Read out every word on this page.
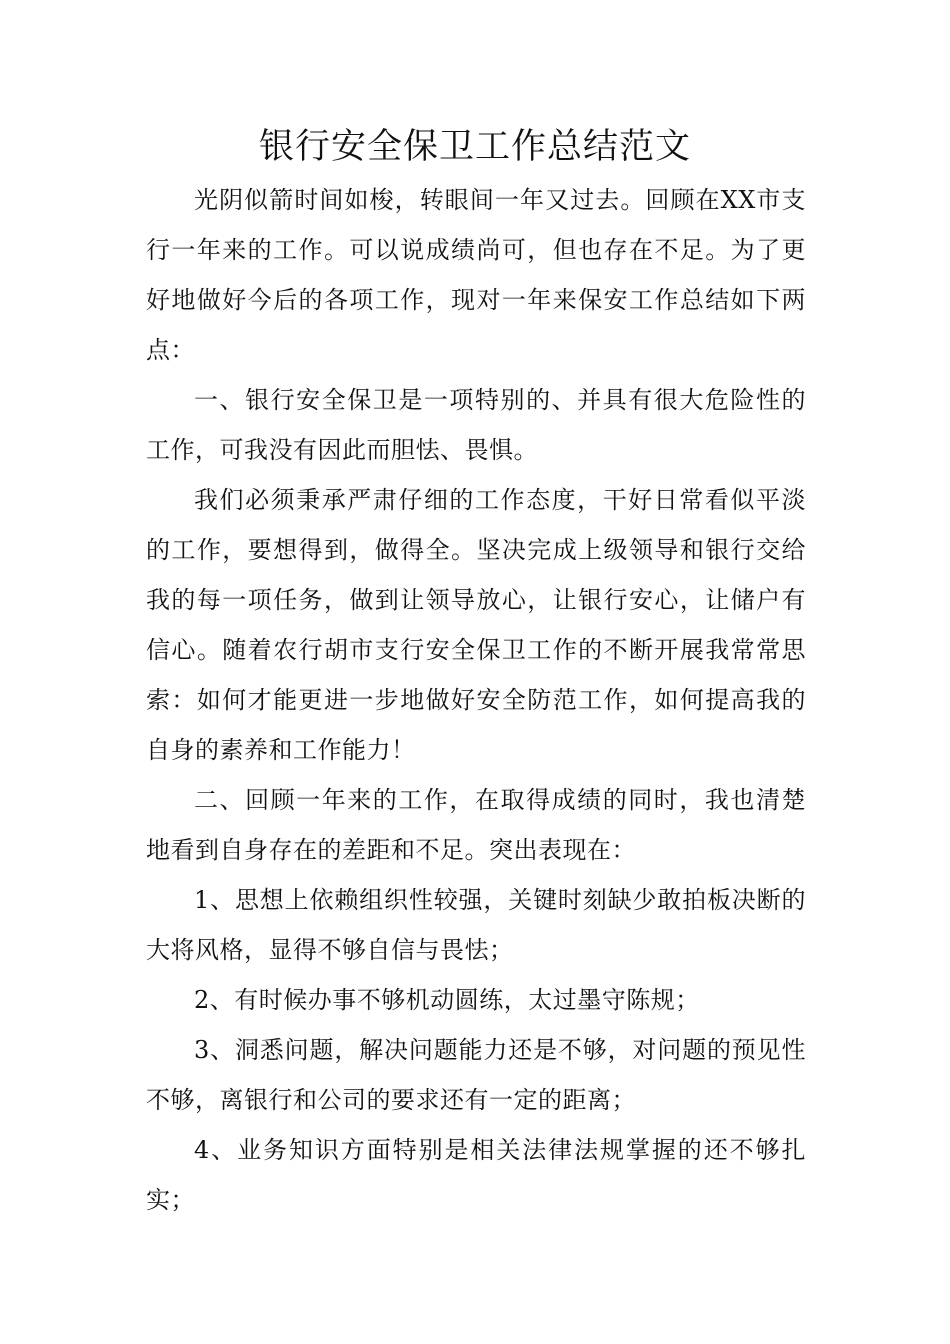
银行安全保卫工作总结范文

光阴似箭时间如梭，转眼间一年又过去。回顾在XX市支行一年来的工作。可以说成绩尚可，但也存在不足。为了更好地做好今后的各项工作，现对一年来保安工作总结如下两点：

一、银行安全保卫是一项特别的、并具有很大危险性的工作，可我没有因此而胆怯、畏惧。

我们必须秉承严肃仔细的工作态度，干好日常看似平淡的工作，要想得到，做得全。坚决完成上级领导和银行交给我的每一项任务，做到让领导放心，让银行安心，让储户有信心。随着农行胡市支行安全保卫工作的不断开展我常常思索：如何才能更进一步地做好安全防范工作，如何提高我的自身的素养和工作能力！

二、回顾一年来的工作，在取得成绩的同时，我也清楚地看到自身存在的差距和不足。突出表现在：

1、思想上依赖组织性较强，关键时刻缺少敢拍板决断的大将风格，显得不够自信与畏怯；

2、有时候办事不够机动圆练，太过墨守陈规；

3、洞悉问题，解决问题能力还是不够，对问题的预见性不够，离银行和公司的要求还有一定的距离；

4、业务知识方面特别是相关法律法规掌握的还不够扎实；
